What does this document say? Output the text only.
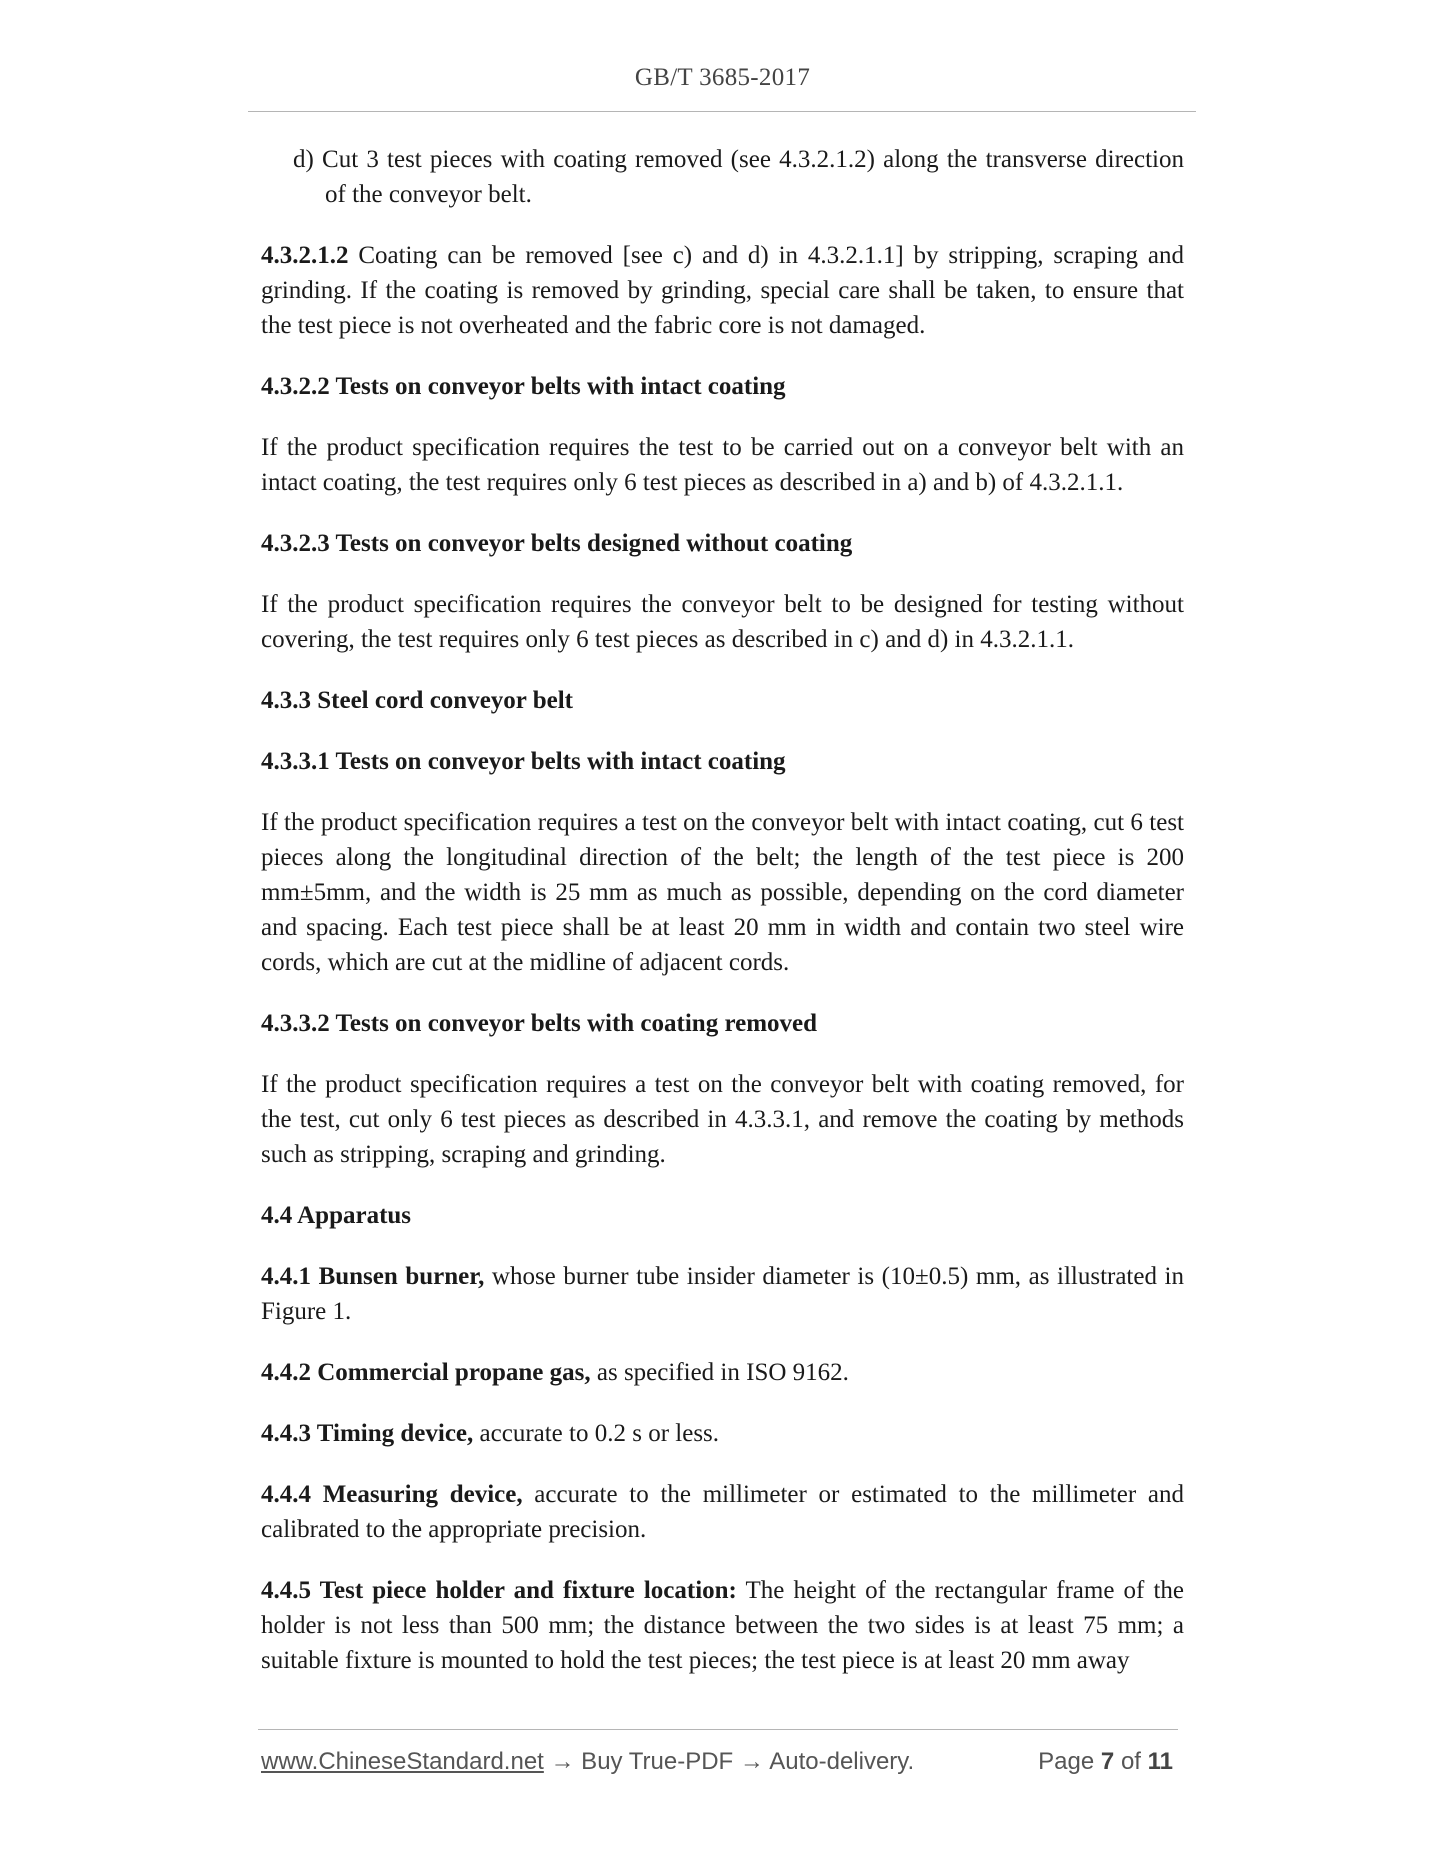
GB/T 3685-2017

d) Cut 3 test pieces with coating removed (see 4.3.2.1.2) along the transverse direction of the conveyor belt.

4.3.2.1.2 Coating can be removed [see c) and d) in 4.3.2.1.1] by stripping, scraping and grinding. If the coating is removed by grinding, special care shall be taken, to ensure that the test piece is not overheated and the fabric core is not damaged.

4.3.2.2 Tests on conveyor belts with intact coating

If the product specification requires the test to be carried out on a conveyor belt with an intact coating, the test requires only 6 test pieces as described in a) and b) of 4.3.2.1.1.

4.3.2.3 Tests on conveyor belts designed without coating

If the product specification requires the conveyor belt to be designed for testing without covering, the test requires only 6 test pieces as described in c) and d) in 4.3.2.1.1.

4.3.3 Steel cord conveyor belt

4.3.3.1 Tests on conveyor belts with intact coating

If the product specification requires a test on the conveyor belt with intact coating, cut 6 test pieces along the longitudinal direction of the belt; the length of the test piece is 200 mm±5mm, and the width is 25 mm as much as possible, depending on the cord diameter and spacing. Each test piece shall be at least 20 mm in width and contain two steel wire cords, which are cut at the midline of adjacent cords.

4.3.3.2 Tests on conveyor belts with coating removed

If the product specification requires a test on the conveyor belt with coating removed, for the test, cut only 6 test pieces as described in 4.3.3.1, and remove the coating by methods such as stripping, scraping and grinding.

4.4 Apparatus

4.4.1 Bunsen burner, whose burner tube insider diameter is (10±0.5) mm, as illustrated in Figure 1.

4.4.2 Commercial propane gas, as specified in ISO 9162.

4.4.3 Timing device, accurate to 0.2 s or less.

4.4.4 Measuring device, accurate to the millimeter or estimated to the millimeter and calibrated to the appropriate precision.

4.4.5 Test piece holder and fixture location: The height of the rectangular frame of the holder is not less than 500 mm; the distance between the two sides is at least 75 mm; a suitable fixture is mounted to hold the test pieces; the test piece is at least 20 mm away

www.ChineseStandard.net → Buy True-PDF → Auto-delivery.	Page 7 of 11
